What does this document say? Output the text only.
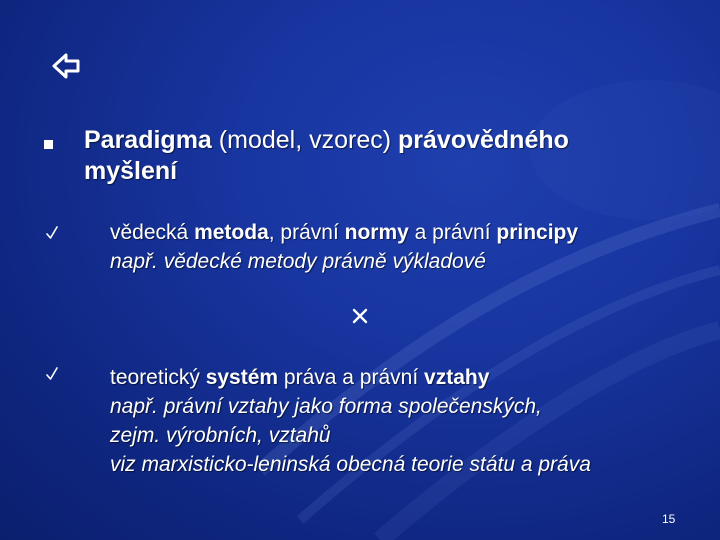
Paradigma (model, vzorec) právovědného
myšlení
vědecká metoda, právní normy a právní principy
např. vědecké metody právně výkladové
teoretický systém práva a právní vztahy
např. právní vztahy jako forma společenských,
zejm. výrobních, vztahů
viz marxisticko-leninská obecná teorie státu a práva
15
